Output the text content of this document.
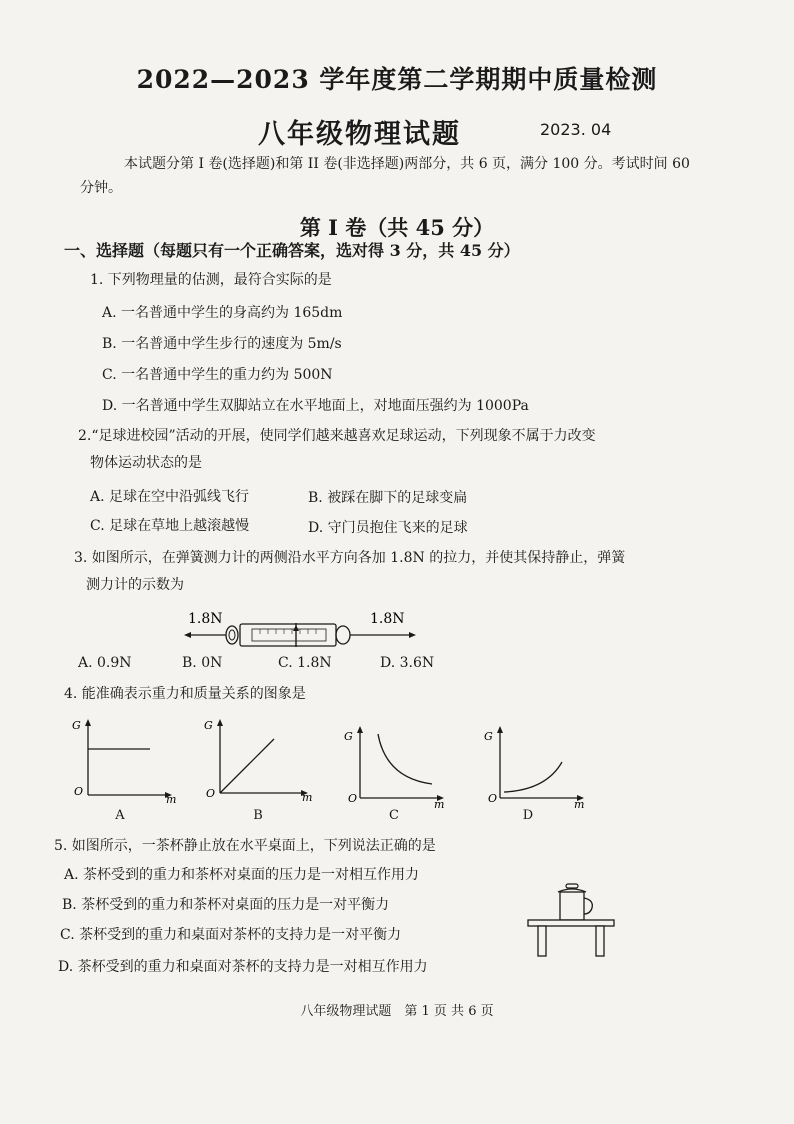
2022—2023 学年度第二学期期中质量检测
八年级物理试题	2023. 04
本试题分第 I 卷(选择题)和第 II 卷(非选择题)两部分，共 6 页，满分 100 分。考试时间 60 分钟。
第 I 卷（共 45 分）
一、选择题（每题只有一个正确答案，选对得 3 分，共 45 分）
1. 下列物理量的估测，最符合实际的是
A. 一名普通中学生的身高约为 165dm
B. 一名普通中学生步行的速度为 5m/s
C. 一名普通中学生的重力约为 500N
D. 一名普通中学生双脚站立在水平地面上，对地面压强约为 1000Pa
2.“足球进校园”活动的开展，使同学们越来越喜欢足球运动，下列现象不属于力改变
物体运动状态的是
A. 足球在空中沿弧线飞行	B. 被踩在脚下的足球变扁
C. 足球在草地上越滚越慢	D. 守门员抱住飞来的足球
3. 如图所示，在弹簧测力计的两侧沿水平方向各加 1.8N 的拉力，并使其保持静止，弹簧
测力计的示数为
1.8N	1.8N
A. 0.9N	B. 0N	C. 1.8N	D. 3.6N
4. 能准确表示重力和质量关系的图象是
G
O
m
A
G
O	m
B
G
O	m
C
G
O	m
D
5. 如图所示，一茶杯静止放在水平桌面上，下列说法正确的是
A. 茶杯受到的重力和茶杯对桌面的压力是一对相互作用力
B. 茶杯受到的重力和茶杯对桌面的压力是一对平衡力
C. 茶杯受到的重力和桌面对茶杯的支持力是一对平衡力
D. 茶杯受到的重力和桌面对茶杯的支持力是一对相互作用力
八年级物理试题　第 1 页 共 6 页
